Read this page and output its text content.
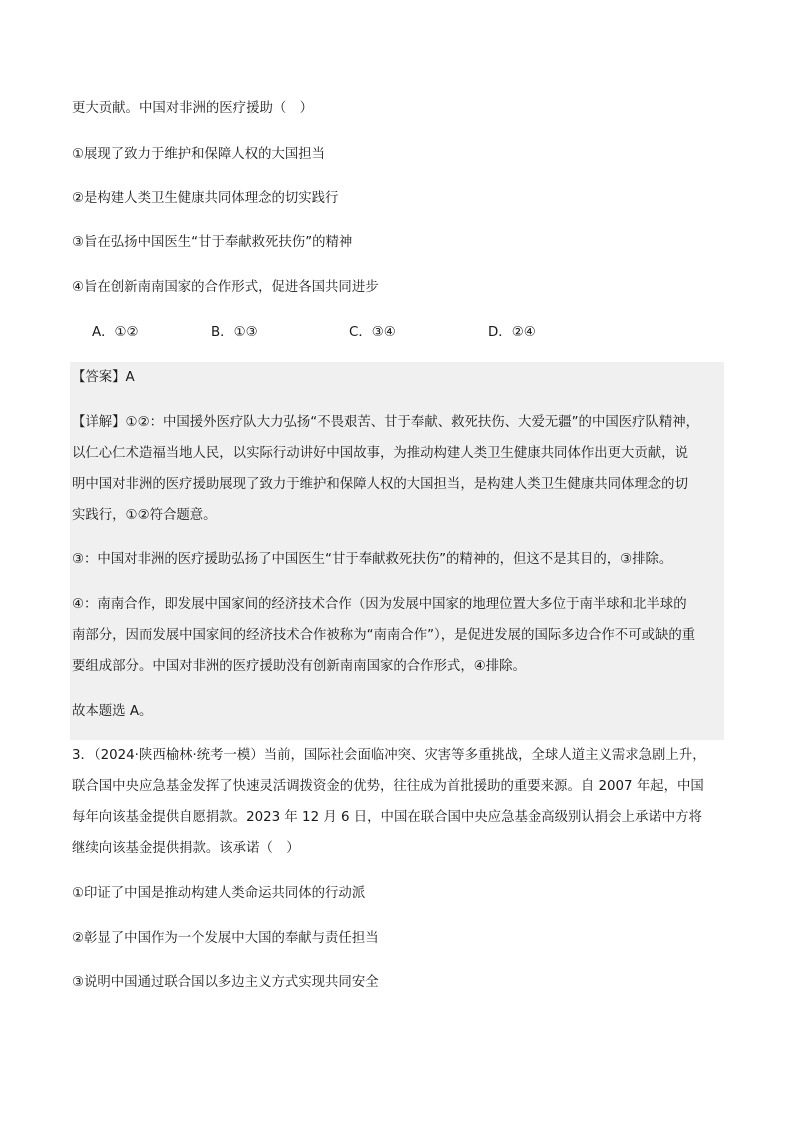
更大贡献。中国对非洲的医疗援助（　）
①展现了致力于维护和保障人权的大国担当
②是构建人类卫生健康共同体理念的切实践行
③旨在弘扬中国医生“甘于奉献救死扶伤”的精神
④旨在创新南南国家的合作形式，促进各国共同进步
A．①②	B．①③	C．③④	D．②④
【答案】A
【详解】①②：中国援外医疗队大力弘扬“不畏艰苦、甘于奉献、救死扶伤、大爱无疆”的中国医疗队精神，
以仁心仁术造福当地人民，以实际行动讲好中国故事，为推动构建人类卫生健康共同体作出更大贡献，说
明中国对非洲的医疗援助展现了致力于维护和保障人权的大国担当，是构建人类卫生健康共同体理念的切
实践行，①②符合题意。
③：中国对非洲的医疗援助弘扬了中国医生“甘于奉献救死扶伤”的精神的，但这不是其目的，③排除。
④：南南合作，即发展中国家间的经济技术合作（因为发展中国家的地理位置大多位于南半球和北半球的
南部分，因而发展中国家间的经济技术合作被称为“南南合作”），是促进发展的国际多边合作不可或缺的重
要组成部分。中国对非洲的医疗援助没有创新南南国家的合作形式，④排除。
故本题选 A。
3．（2024·陕西榆林·统考一模）当前，国际社会面临冲突、灾害等多重挑战，全球人道主义需求急剧上升，
联合国中央应急基金发挥了快速灵活调拨资金的优势，往往成为首批援助的重要来源。自 2007 年起，中国
每年向该基金提供自愿捐款。2023 年 12 月 6 日，中国在联合国中央应急基金高级别认捐会上承诺中方将
继续向该基金提供捐款。该承诺（　）
①印证了中国是推动构建人类命运共同体的行动派
②彰显了中国作为一个发展中大国的奉献与责任担当
③说明中国通过联合国以多边主义方式实现共同安全
